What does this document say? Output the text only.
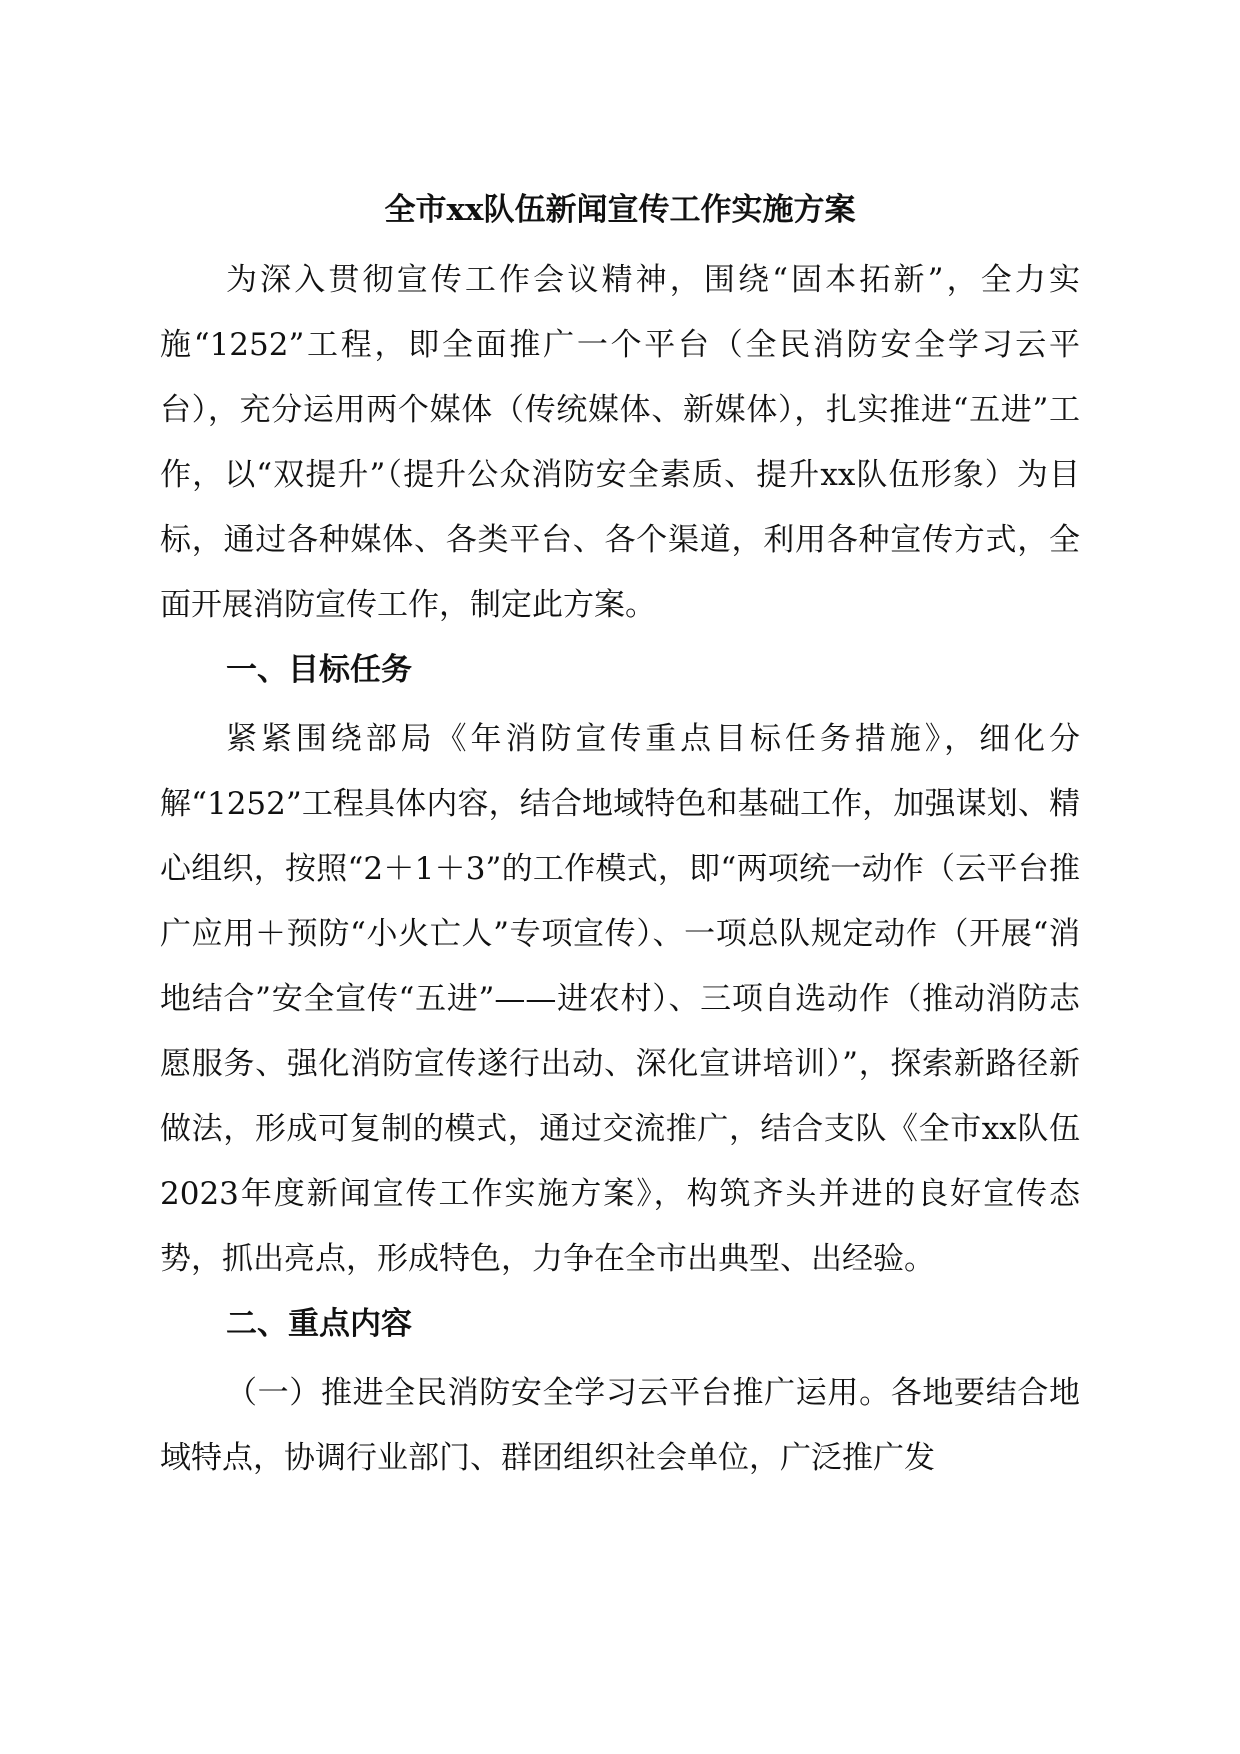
全市xx队伍新闻宣传工作实施方案

为深入贯彻宣传工作会议精神，围绕“固本拓新”，全力实施“1252”工程，即全面推广一个平台（全民消防安全学习云平台），充分运用两个媒体（传统媒体、新媒体），扎实推进“五进”工作，以“双提升”（提升公众消防安全素质、提升xx队伍形象）为目标，通过各种媒体、各类平台、各个渠道，利用各种宣传方式，全面开展消防宣传工作，制定此方案。

一、目标任务

紧紧围绕部局《年消防宣传重点目标任务措施》，细化分解“1252”工程具体内容，结合地域特色和基础工作，加强谋划、精心组织，按照“2＋1＋3”的工作模式，即“两项统一动作（云平台推广应用＋预防“小火亡人”专项宣传）、一项总队规定动作（开展“消地结合”安全宣传“五进”——进农村）、三项自选动作（推动消防志愿服务、强化消防宣传遂行出动、深化宣讲培训）”，探索新路径新做法，形成可复制的模式，通过交流推广，结合支队《全市xx队伍2023年度新闻宣传工作实施方案》，构筑齐头并进的良好宣传态势，抓出亮点，形成特色，力争在全市出典型、出经验。

二、重点内容

（一）推进全民消防安全学习云平台推广运用。各地要结合地域特点，协调行业部门、群团组织社会单位，广泛推广发
